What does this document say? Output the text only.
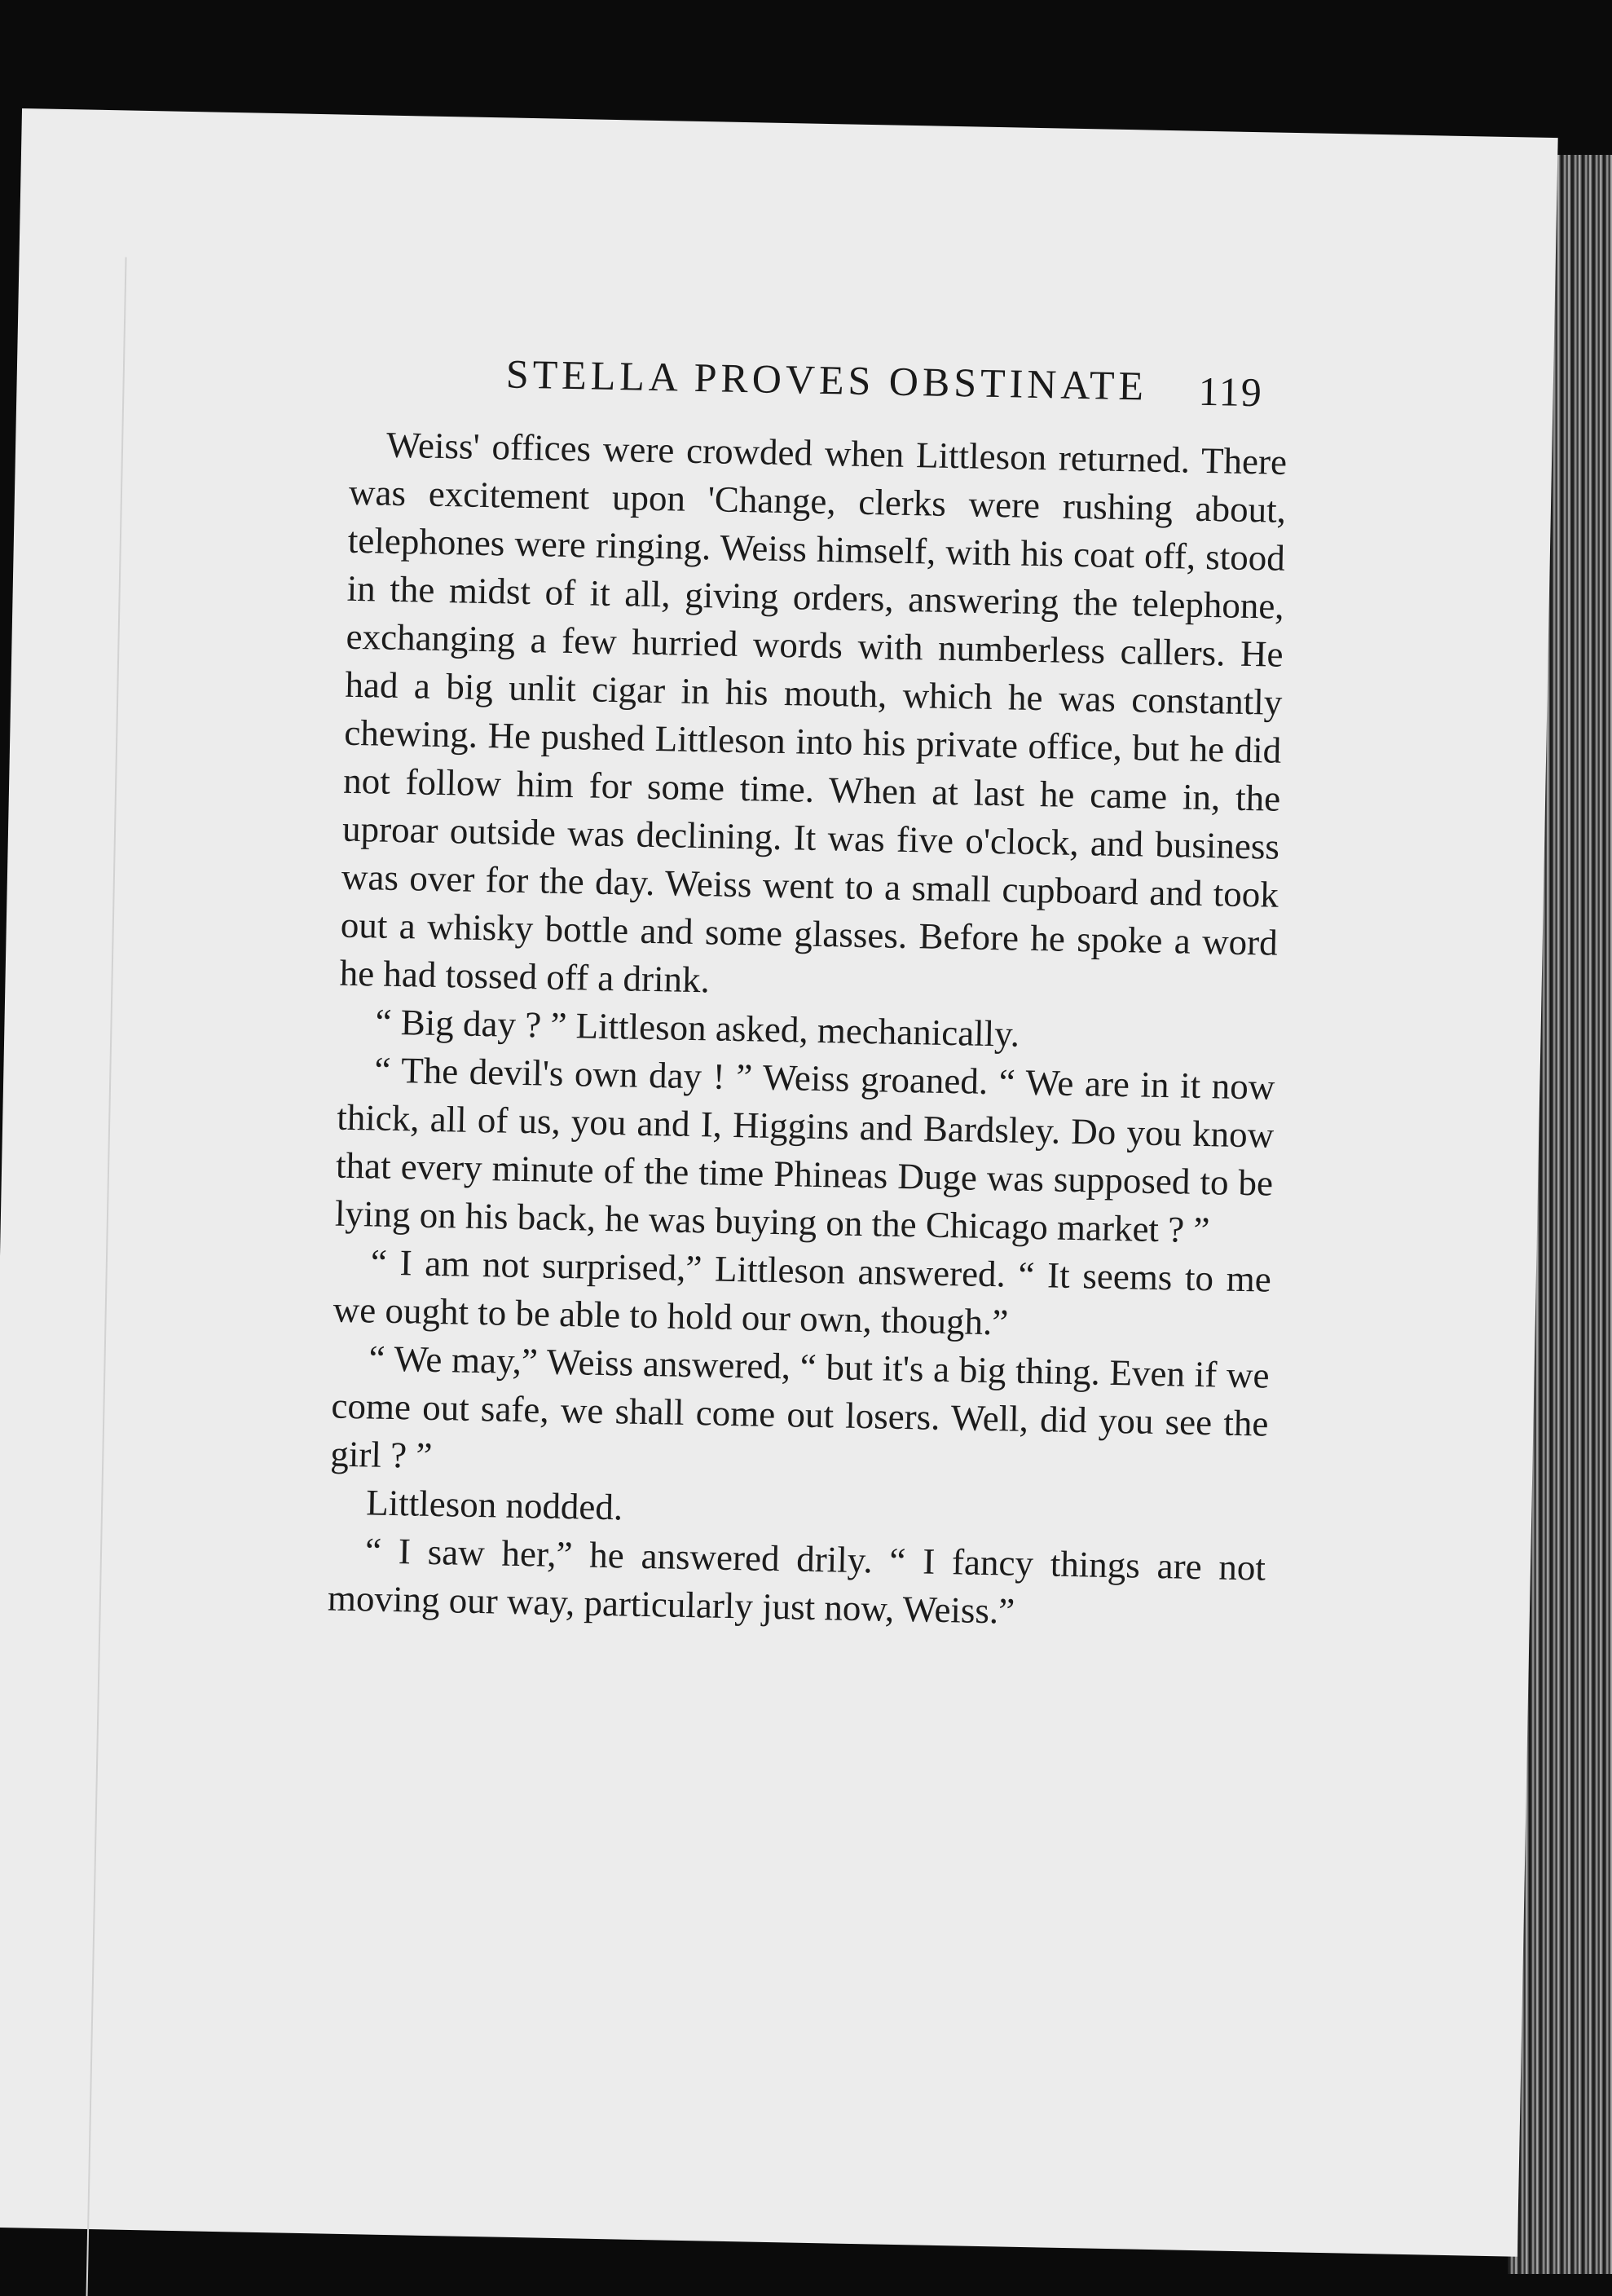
STELLA PROVES OBSTINATE	119

Weiss' offices were crowded when Littleson returned. There was excitement upon 'Change, clerks were rushing about, telephones were ringing. Weiss himself, with his coat off, stood in the midst of it all, giving orders, answering the telephone, exchanging a few hurried words with numberless callers. He had a big unlit cigar in his mouth, which he was constantly chewing. He pushed Littleson into his private office, but he did not follow him for some time. When at last he came in, the uproar outside was declining. It was five o'clock, and business was over for the day. Weiss went to a small cupboard and took out a whisky bottle and some glasses. Before he spoke a word he had tossed off a drink.

“ Big day ? ” Littleson asked, mechanically.

“ The devil's own day ! ” Weiss groaned. “ We are in it now thick, all of us, you and I, Higgins and Bardsley. Do you know that every minute of the time Phineas Duge was supposed to be lying on his back, he was buying on the Chicago market ? ”

“ I am not surprised,” Littleson answered. “ It seems to me we ought to be able to hold our own, though.”

“ We may,” Weiss answered, “ but it's a big thing. Even if we come out safe, we shall come out losers. Well, did you see the girl ? ”

Littleson nodded.

“ I saw her,” he answered drily. “ I fancy things are not moving our way, particularly just now, Weiss.”
